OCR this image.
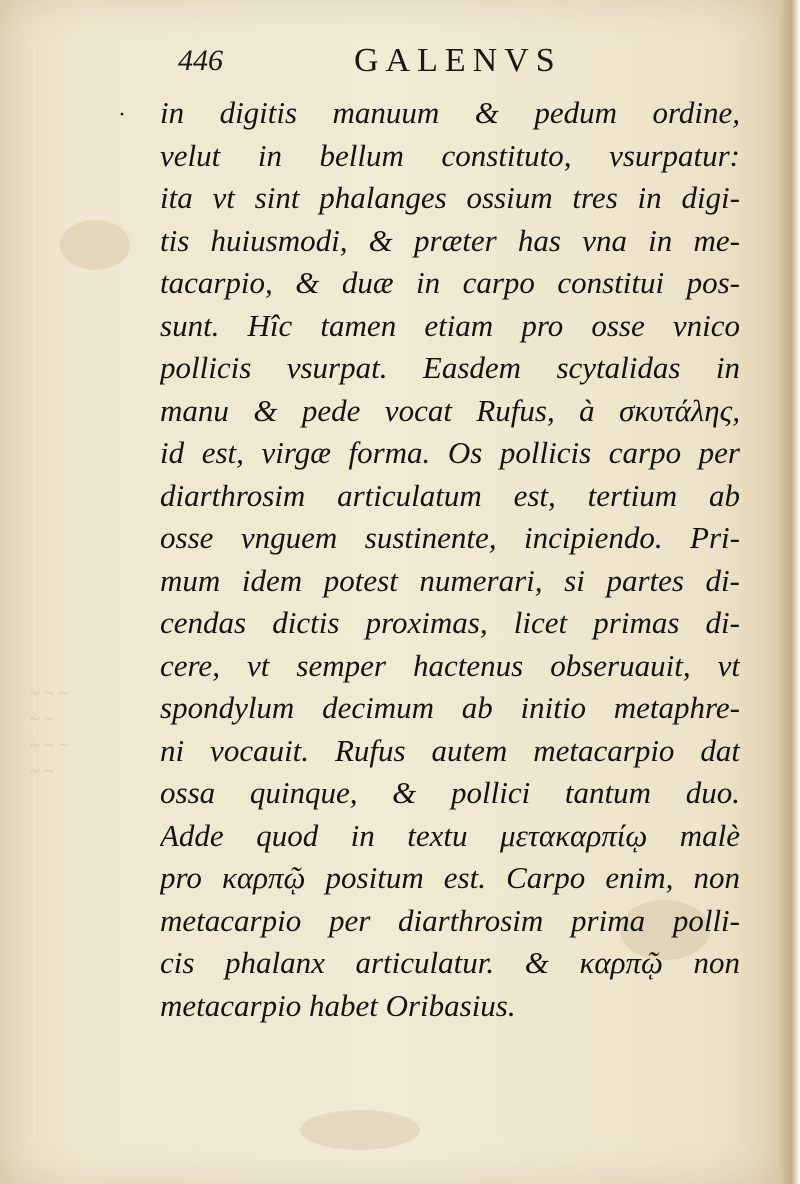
~ ~ ~
~ ~
~ ~ ~
~ ~
446	GALENVS
· in digitis manuum & pedum ordine,
velut in bellum constituto, vsurpatur:
ita vt sint phalanges ossium tres in digi-
tis huiusmodi, & præter has vna in me-
tacarpio, & duæ in carpo constitui pos-
sunt. Hîc tamen etiam pro osse vnico
pollicis vsurpat. Easdem scytalidas in
manu & pede vocat Rufus, à σκυτάλης,
id est, virgæ forma. Os pollicis carpo per
diarthrosim articulatum est, tertium ab
osse vnguem sustinente, incipiendo. Pri-
mum idem potest numerari, si partes di-
cendas dictis proximas, licet primas di-
cere, vt semper hactenus obseruauit, vt
spondylum decimum ab initio metaphre-
ni vocauit. Rufus autem metacarpio dat
ossa quinque, & pollici tantum duo.
Adde quod in textu μετακαρπίῳ malè
pro καρπῷ positum est. Carpo enim, non
metacarpio per diarthrosim prima polli-
cis phalanx articulatur. & καρπῷ non
metacarpio habet Oribasius.
